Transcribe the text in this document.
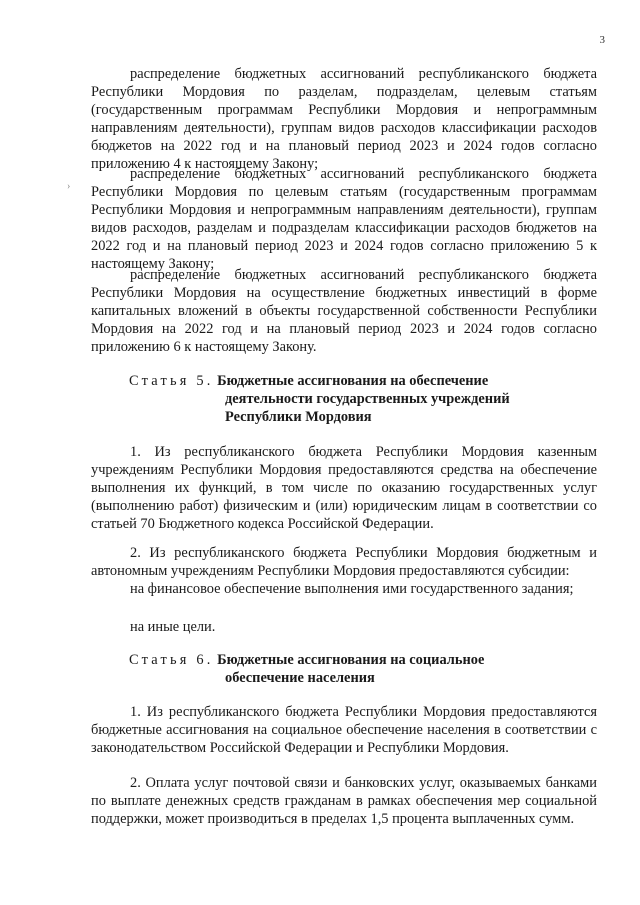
3
распределение бюджетных ассигнований республиканского бюджета Республики Мордовия по разделам, подразделам, целевым статьям (государственным программам Республики Мордовия и непрограммным направлениям деятельности), группам видов расходов классификации расходов бюджетов на 2022 год и на плановый период 2023 и 2024 годов согласно приложению 4 к настоящему Закону;
распределение бюджетных ассигнований республиканского бюджета Республики Мордовия по целевым статьям (государственным программам Республики Мордовия и непрограммным направлениям деятельности), группам видов расходов, разделам и подразделам классификации расходов бюджетов на 2022 год и на плановый период 2023 и 2024 годов согласно приложению 5 к настоящему Закону;
распределение бюджетных ассигнований республиканского бюджета Республики Мордовия на осуществление бюджетных инвестиций в форме капитальных вложений в объекты государственной собственности Республики Мордовия на 2022 год и на плановый период 2023 и 2024 годов согласно приложению 6 к настоящему Закону.
Статья 5. Бюджетные ассигнования на обеспечение
деятельности государственных учреждений
Республики Мордовия
1. Из республиканского бюджета Республики Мордовия казенным учреждениям Республики Мордовия предоставляются средства на обеспечение выполнения их функций, в том числе по оказанию государственных услуг (выполнению работ) физическим и (или) юридическим лицам в соответствии со статьей 70 Бюджетного кодекса Российской Федерации.
2. Из республиканского бюджета Республики Мордовия бюджетным и автономным учреждениям Республики Мордовия предоставляются субсидии:
на финансовое обеспечение выполнения ими государственного задания;
на иные цели.
Статья 6. Бюджетные ассигнования на социальное
обеспечение населения
1. Из республиканского бюджета Республики Мордовия предоставляются бюджетные ассигнования на социальное обеспечение населения в соответствии с законодательством Российской Федерации и Республики Мордовия.
2. Оплата услуг почтовой связи и банковских услуг, оказываемых банками по выплате денежных средств гражданам в рамках обеспечения мер социальной поддержки, может производиться в пределах 1,5 процента выплаченных сумм.
›
